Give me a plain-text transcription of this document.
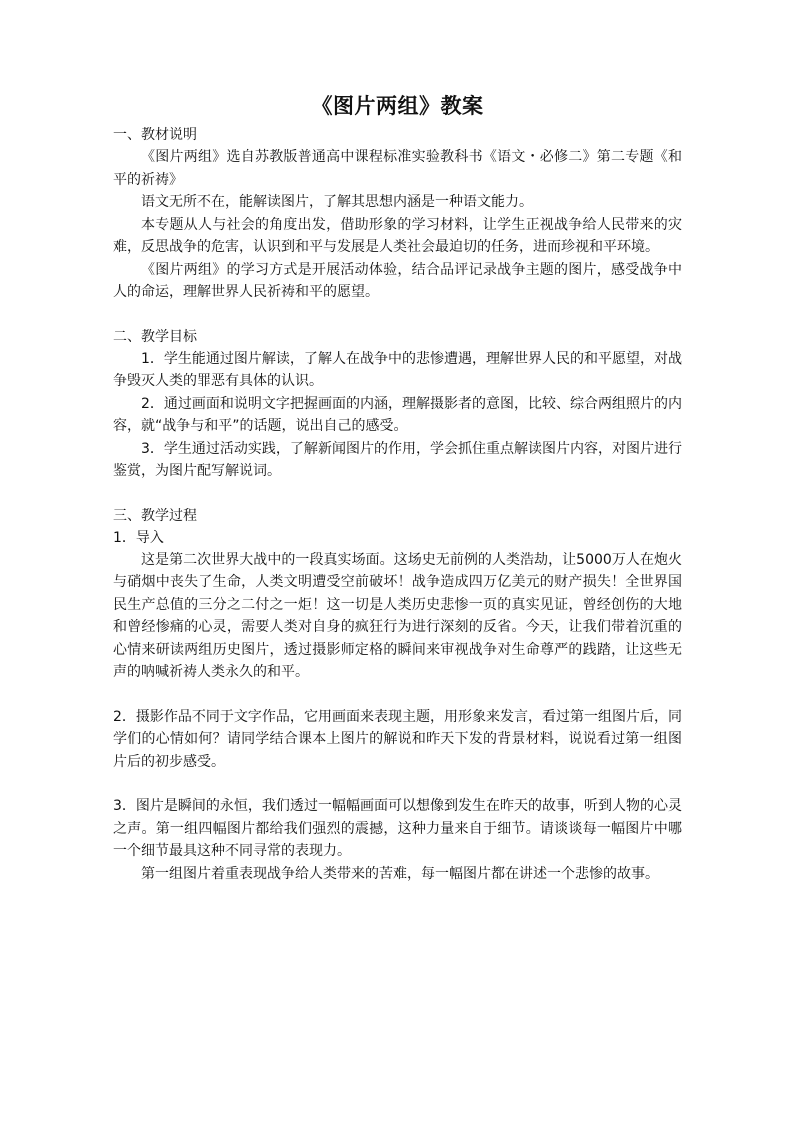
《图片两组》教案

一、教材说明

《图片两组》选自苏教版普通高中课程标准实验教科书《语文・必修二》第二专题《和平的祈祷》

语文无所不在，能解读图片，了解其思想内涵是一种语文能力。

本专题从人与社会的角度出发，借助形象的学习材料，让学生正视战争给人民带来的灾难，反思战争的危害，认识到和平与发展是人类社会最迫切的任务，进而珍视和平环境。

《图片两组》的学习方式是开展活动体验，结合品评记录战争主题的图片，感受战争中人的命运，理解世界人民祈祷和平的愿望。

二、教学目标

1．学生能通过图片解读，了解人在战争中的悲惨遭遇，理解世界人民的和平愿望，对战争毁灭人类的罪恶有具体的认识。

2．通过画面和说明文字把握画面的内涵，理解摄影者的意图，比较、综合两组照片的内容，就“战争与和平”的话题，说出自己的感受。

3．学生通过活动实践，了解新闻图片的作用，学会抓住重点解读图片内容，对图片进行鉴赏，为图片配写解说词。

三、教学过程

1．导入

这是第二次世界大战中的一段真实场面。这场史无前例的人类浩劫，让5000万人在炮火与硝烟中丧失了生命，人类文明遭受空前破坏！战争造成四万亿美元的财产损失！全世界国民生产总值的三分之二付之一炬！这一切是人类历史悲惨一页的真实见证，曾经创伤的大地和曾经惨痛的心灵，需要人类对自身的疯狂行为进行深刻的反省。今天，让我们带着沉重的心情来研读两组历史图片，透过摄影师定格的瞬间来审视战争对生命尊严的践踏，让这些无声的呐喊祈祷人类永久的和平。

2．摄影作品不同于文字作品，它用画面来表现主题，用形象来发言，看过第一组图片后，同学们的心情如何？请同学结合课本上图片的解说和昨天下发的背景材料，说说看过第一组图片后的初步感受。

3．图片是瞬间的永恒，我们透过一幅幅画面可以想像到发生在昨天的故事，听到人物的心灵之声。第一组四幅图片都给我们强烈的震撼，这种力量来自于细节。请谈谈每一幅图片中哪一个细节最具这种不同寻常的表现力。

第一组图片着重表现战争给人类带来的苦难，每一幅图片都在讲述一个悲惨的故事。
